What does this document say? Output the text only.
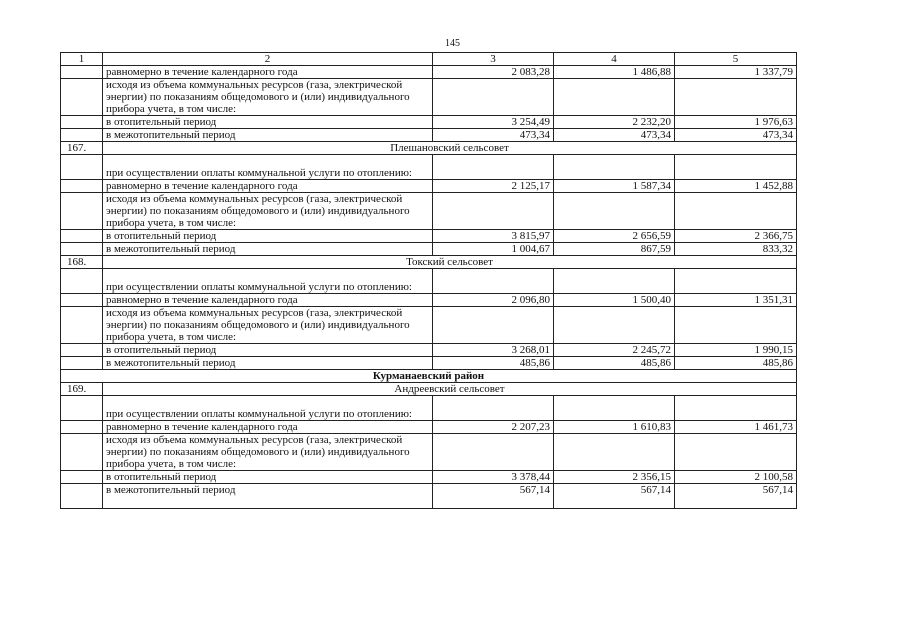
145
1	2	3	4	5
	равномерно в течение календарного года	2 083,28	1 486,88	1 337,79
	исходя из объема коммунальных ресурсов (газа, электрической энергии) по показаниям общедомового и (или) индивидуального прибора учета, в том числе:			
	в отопительный период	3 254,49	2 232,20	1 976,63
	в межотопительный период	473,34	473,34	473,34
167.	Плешановский сельсовет			
	при осуществлении оплаты коммунальной услуги по отоплению:			
	равномерно в течение календарного года	2 125,17	1 587,34	1 452,88
	исходя из объема коммунальных ресурсов (газа, электрической энергии) по показаниям общедомового и (или) индивидуального прибора учета, в том числе:			
	в отопительный период	3 815,97	2 656,59	2 366,75
	в межотопительный период	1 004,67	867,59	833,32
168.	Токский сельсовет			
	при осуществлении оплаты коммунальной услуги по отоплению:			
	равномерно в течение календарного года	2 096,80	1 500,40	1 351,31
	исходя из объема коммунальных ресурсов (газа, электрической энергии) по показаниям общедомового и (или) индивидуального прибора учета, в том числе:			
	в отопительный период	3 268,01	2 245,72	1 990,15
	в межотопительный период	485,86	485,86	485,86
Курманаевский район				
169.	Андреевский сельсовет			
	при осуществлении оплаты коммунальной услуги по отоплению:			
	равномерно в течение календарного года	2 207,23	1 610,83	1 461,73
	исходя из объема коммунальных ресурсов (газа, электрической энергии) по показаниям общедомового и (или) индивидуального прибора учета, в том числе:			
	в отопительный период	3 378,44	2 356,15	2 100,58
	в межотопительный период	567,14	567,14	567,14
